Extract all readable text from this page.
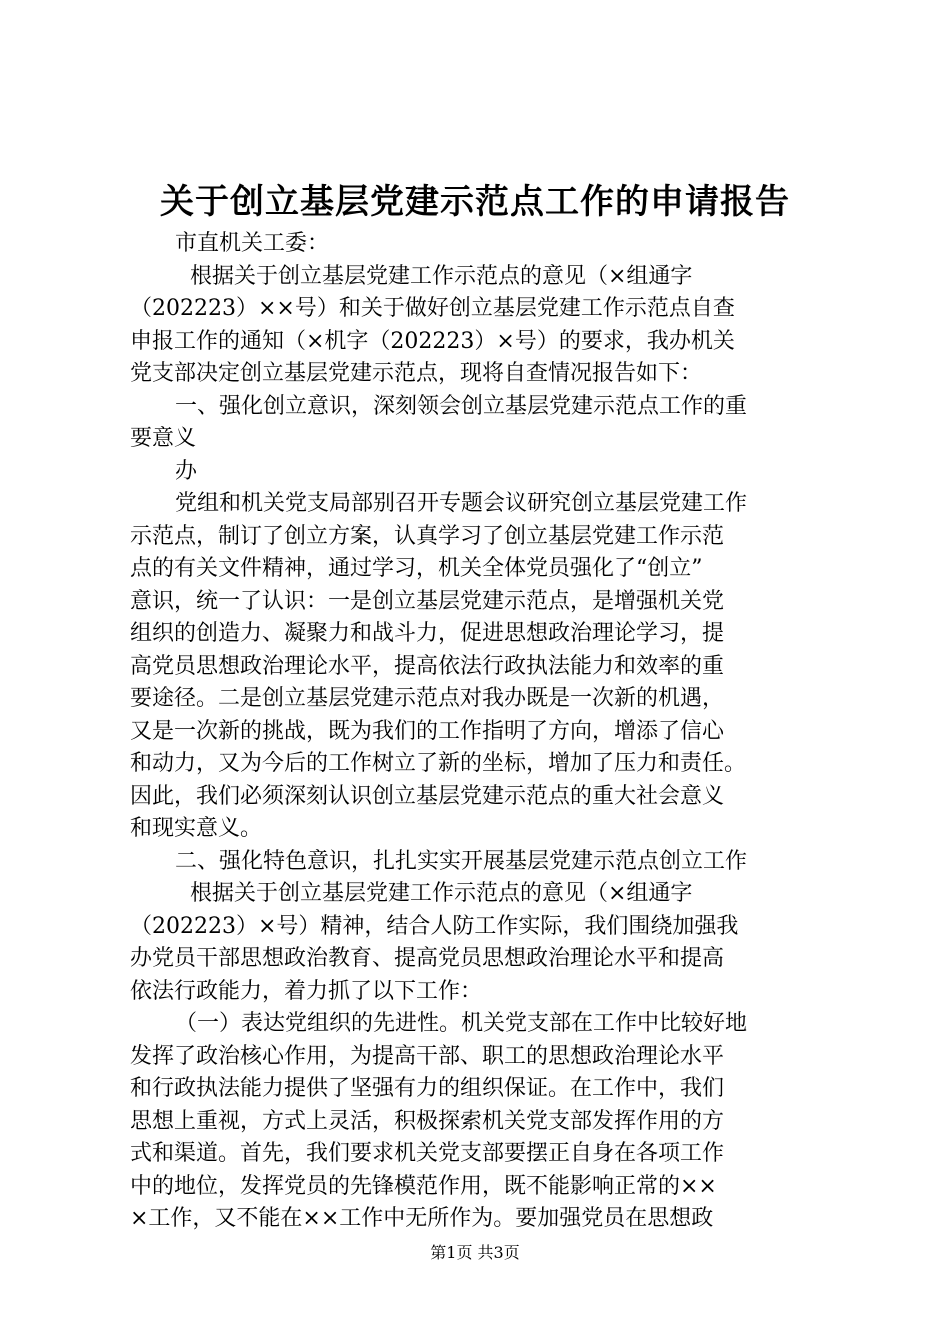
关于创立基层党建示范点工作的申请报告
市直机关工委：
根据关于创立基层党建工作示范点的意见（×组通字
（202223）××号）和关于做好创立基层党建工作示范点自查
申报工作的通知（×机字（202223）×号）的要求，我办机关
党支部决定创立基层党建示范点，现将自查情况报告如下：
一、强化创立意识，深刻领会创立基层党建示范点工作的重
要意义
办
党组和机关党支局部别召开专题会议研究创立基层党建工作
示范点，制订了创立方案，认真学习了创立基层党建工作示范
点的有关文件精神，通过学习，机关全体党员强化了“创立”
意识，统一了认识：一是创立基层党建示范点，是增强机关党
组织的创造力、凝聚力和战斗力，促进思想政治理论学习，提
高党员思想政治理论水平，提高依法行政执法能力和效率的重
要途径。二是创立基层党建示范点对我办既是一次新的机遇，
又是一次新的挑战，既为我们的工作指明了方向，增添了信心
和动力，又为今后的工作树立了新的坐标，增加了压力和责任。
因此，我们必须深刻认识创立基层党建示范点的重大社会意义
和现实意义。
二、强化特色意识，扎扎实实开展基层党建示范点创立工作
根据关于创立基层党建工作示范点的意见（×组通字
（202223）×号）精神，结合人防工作实际，我们围绕加强我
办党员干部思想政治教育、提高党员思想政治理论水平和提高
依法行政能力，着力抓了以下工作：
（一）表达党组织的先进性。机关党支部在工作中比较好地
发挥了政治核心作用，为提高干部、职工的思想政治理论水平
和行政执法能力提供了坚强有力的组织保证。在工作中，我们
思想上重视，方式上灵活，积极探索机关党支部发挥作用的方
式和渠道。首先，我们要求机关党支部要摆正自身在各项工作
中的地位，发挥党员的先锋模范作用，既不能影响正常的××
×工作，又不能在××工作中无所作为。要加强党员在思想政
第1页 共3页
